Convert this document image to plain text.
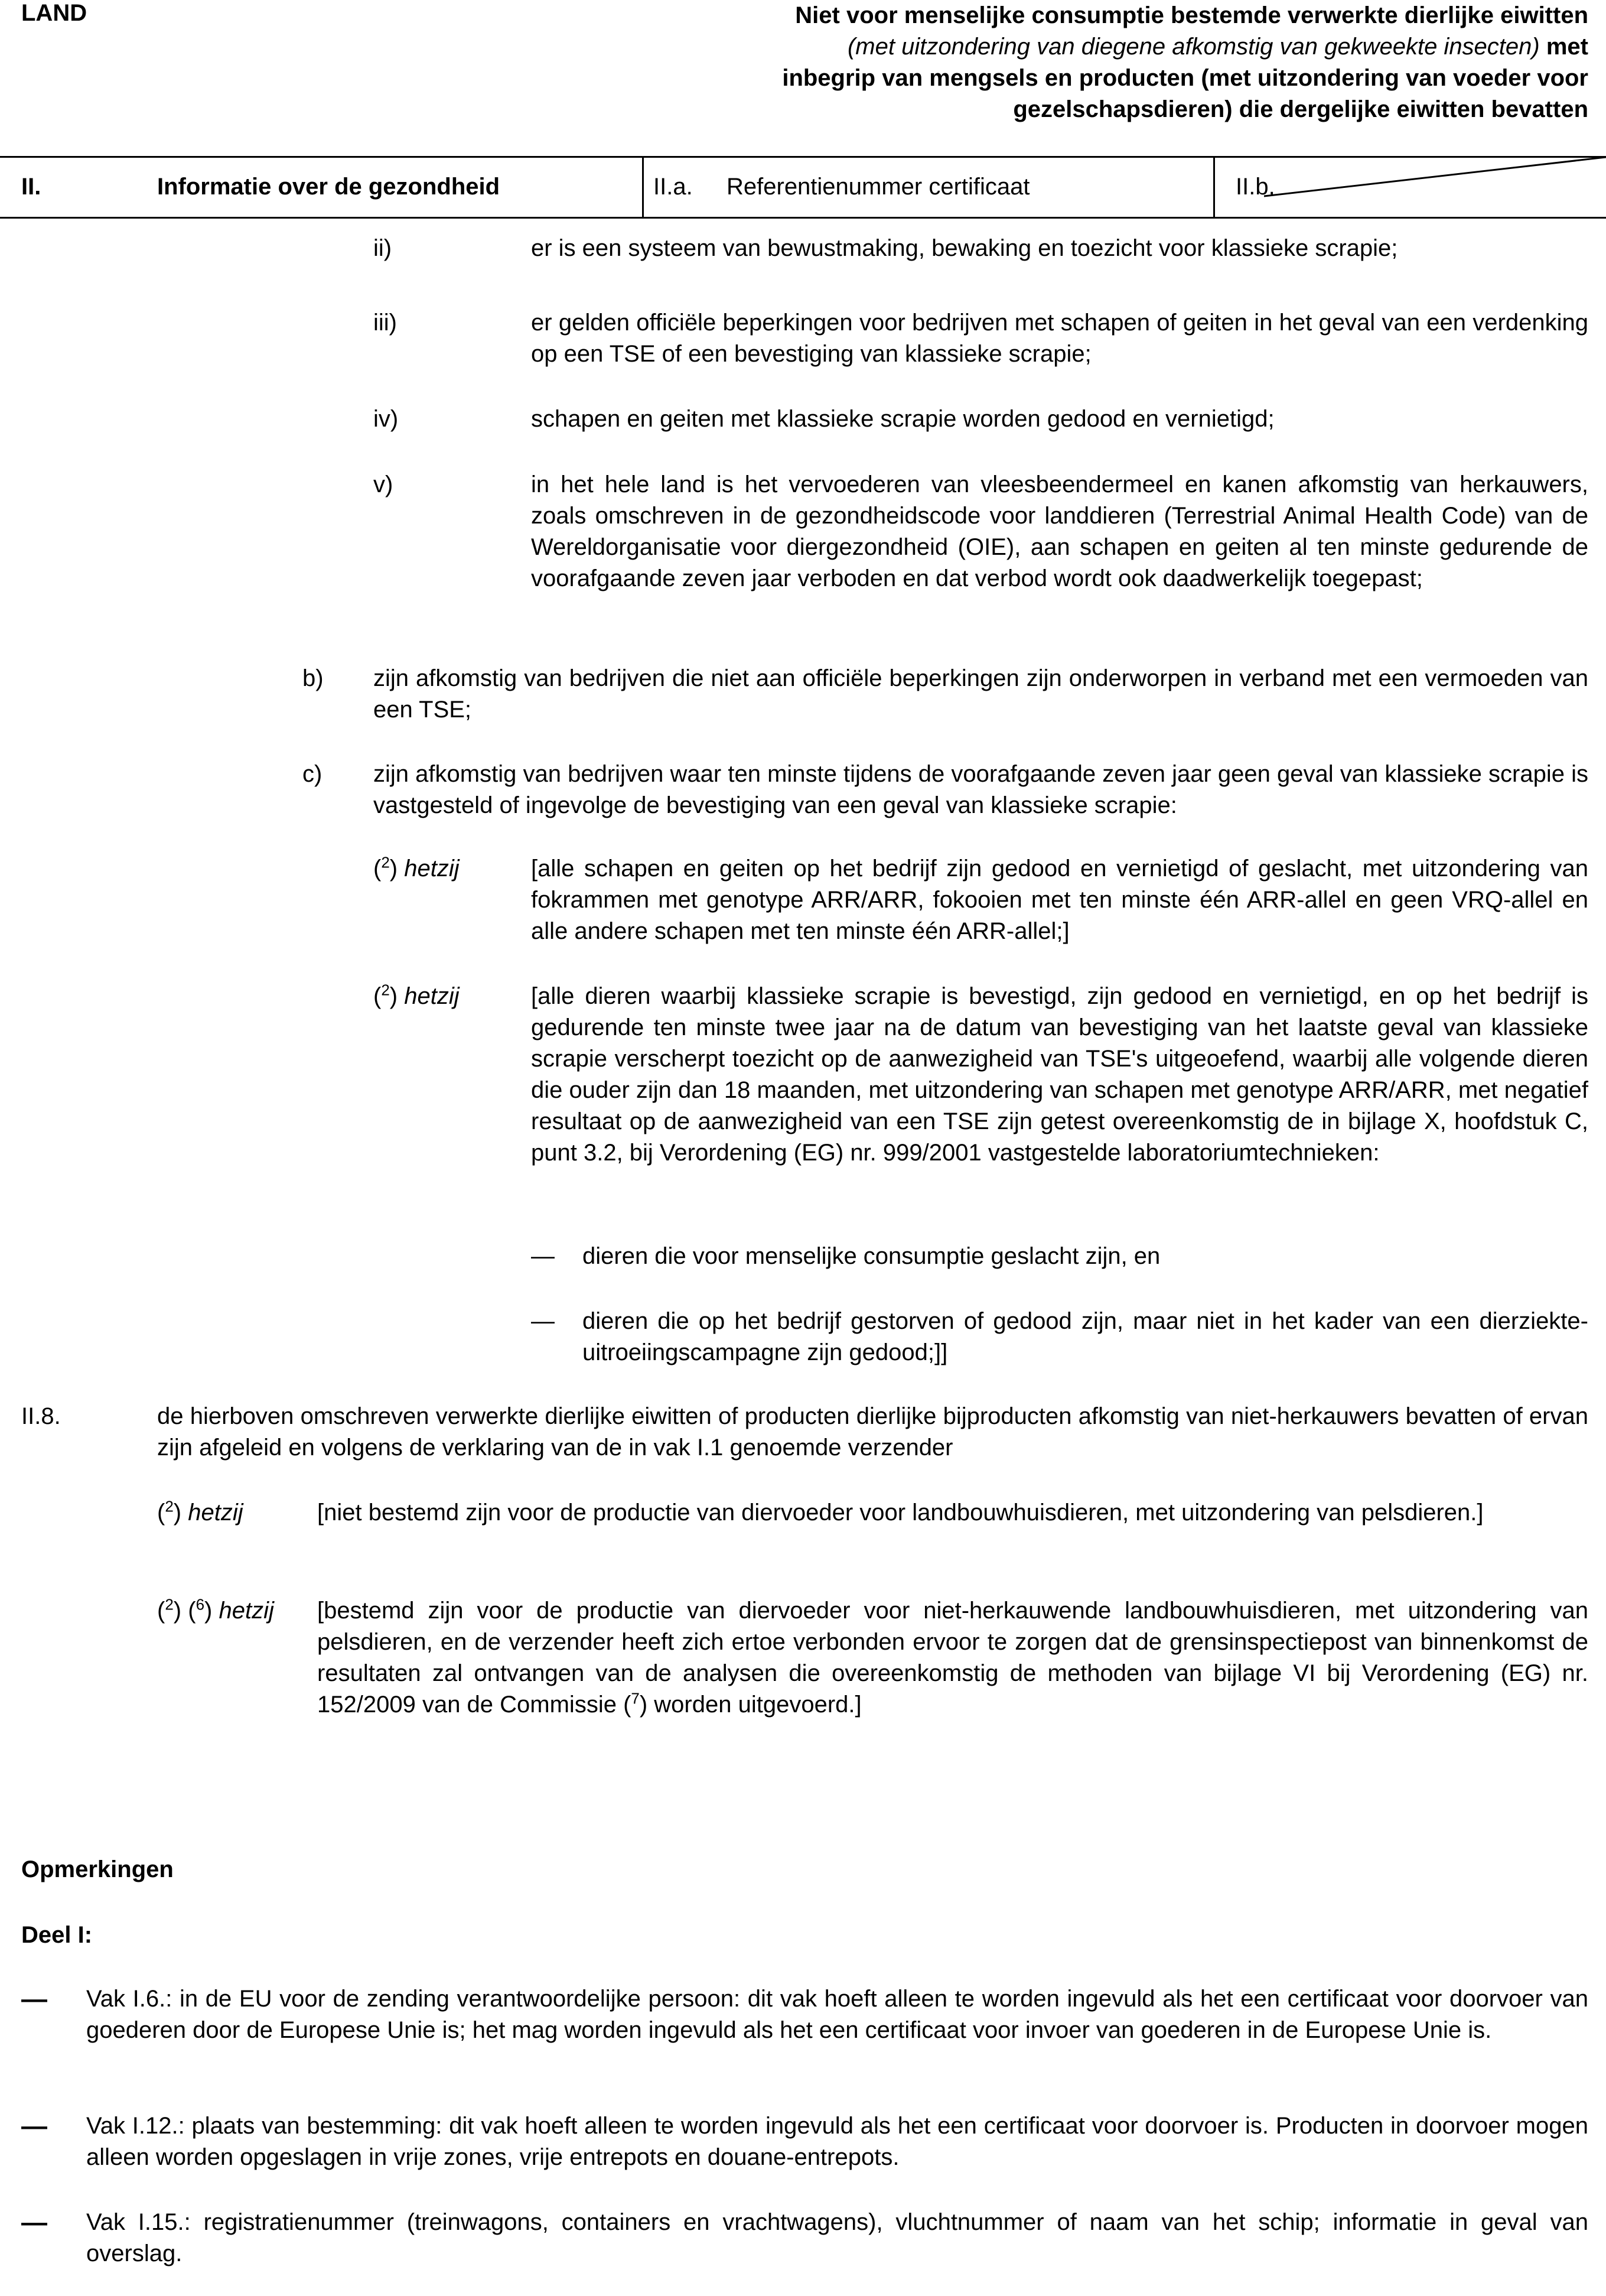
LAND	Niet voor menselijke consumptie bestemde verwerkte dierlijke eiwitten (met uitzondering van diegene afkomstig van gekweekte insecten) met inbegrip van mengsels en producten (met uitzondering van voeder voor gezelschapsdieren) die dergelijke eiwitten bevatten
II.	Informatie over de gezondheid	II.a. Referentienummer certificaat	II.b.
ii)	er is een systeem van bewustmaking, bewaking en toezicht voor klassieke scrapie;
iii)	er gelden officiële beperkingen voor bedrijven met schapen of geiten in het geval van een verdenking op een TSE of een bevestiging van klassieke scrapie;
iv)	schapen en geiten met klassieke scrapie worden gedood en vernietigd;
v)	in het hele land is het vervoederen van vleesbeendermeel en kanen afkomstig van herkauwers, zoals omschreven in de gezondheidscode voor landdieren (Terrestrial Animal Health Code) van de Wereldorganisatie voor diergezondheid (OIE), aan schapen en geiten al ten minste gedurende de voorafgaande zeven jaar verboden en dat verbod wordt ook daadwerkelijk toegepast;
b) zijn afkomstig van bedrijven die niet aan officiële beperkingen zijn onderworpen in verband met een vermoeden van een TSE;
c) zijn afkomstig van bedrijven waar ten minste tijdens de voorafgaande zeven jaar geen geval van klassieke scrapie is vastgesteld of ingevolge de bevestiging van een geval van klassieke scrapie:
($^2$) hetzij	[alle schapen en geiten op het bedrijf zijn gedood en vernietigd of geslacht, met uitzondering van fokrammen met genotype ARR/ARR, fokooien met ten minste één ARR-allel en geen VRQ-allel en alle andere schapen met ten minste één ARR-allel;]
($^2$) hetzij	[alle dieren waarbij klassieke scrapie is bevestigd, zijn gedood en vernietigd, en op het bedrijf is gedurende ten minste twee jaar na de datum van bevestiging van het laatste geval van klassieke scrapie verscherpt toezicht op de aanwezigheid van TSE's uitgeoefend, waarbij alle volgende dieren die ouder zijn dan 18 maanden, met uitzondering van schapen met genotype ARR/ARR, met negatief resultaat op de aanwezigheid van een TSE zijn getest overeenkomstig de in bijlage X, hoofdstuk C, punt 3.2, bij Verordening (EG) nr. 999/2001 vastgestelde laboratoriumtechnieken:
— dieren die voor menselijke consumptie geslacht zijn, en
— dieren die op het bedrijf gestorven of gedood zijn, maar niet in het kader van een dierziekte-uitroeiingscampagne zijn gedood;]]
II.8.	de hierboven omschreven verwerkte dierlijke eiwitten of producten dierlijke bijproducten afkomstig van niet-herkauwers bevatten of ervan zijn afgeleid en volgens de verklaring van de in vak I.1 genoemde verzender
($^2$) hetzij	[niet bestemd zijn voor de productie van diervoeder voor landbouwhuisdieren, met uitzondering van pelsdieren.]
($^2$) ($^6$) hetzij [bestemd zijn voor de productie van diervoeder voor niet-herkauwende landbouwhuisdieren, met uitzondering van pelsdieren, en de verzender heeft zich ertoe verbonden ervoor te zorgen dat de grensinspectiepost van binnenkomst de resultaten zal ontvangen van de analysen die overeenkomstig de methoden van bijlage VI bij Verordening (EG) nr. 152/2009 van de Commissie ($^7$) worden uitgevoerd.]
Opmerkingen
Deel I:
— Vak I.6.: in de EU voor de zending verantwoordelijke persoon: dit vak hoeft alleen te worden ingevuld als het een certificaat voor doorvoer van goederen door de Europese Unie is; het mag worden ingevuld als het een certificaat voor invoer van goederen in de Europese Unie is.
— Vak I.12.: plaats van bestemming: dit vak hoeft alleen te worden ingevuld als het een certificaat voor doorvoer is. Producten in doorvoer mogen alleen worden opgeslagen in vrije zones, vrije entrepots en douane-entrepots.
— Vak I.15.: registratienummer (treinwagons, containers en vrachtwagens), vluchtnummer of naam van het schip; informatie in geval van overslag.
